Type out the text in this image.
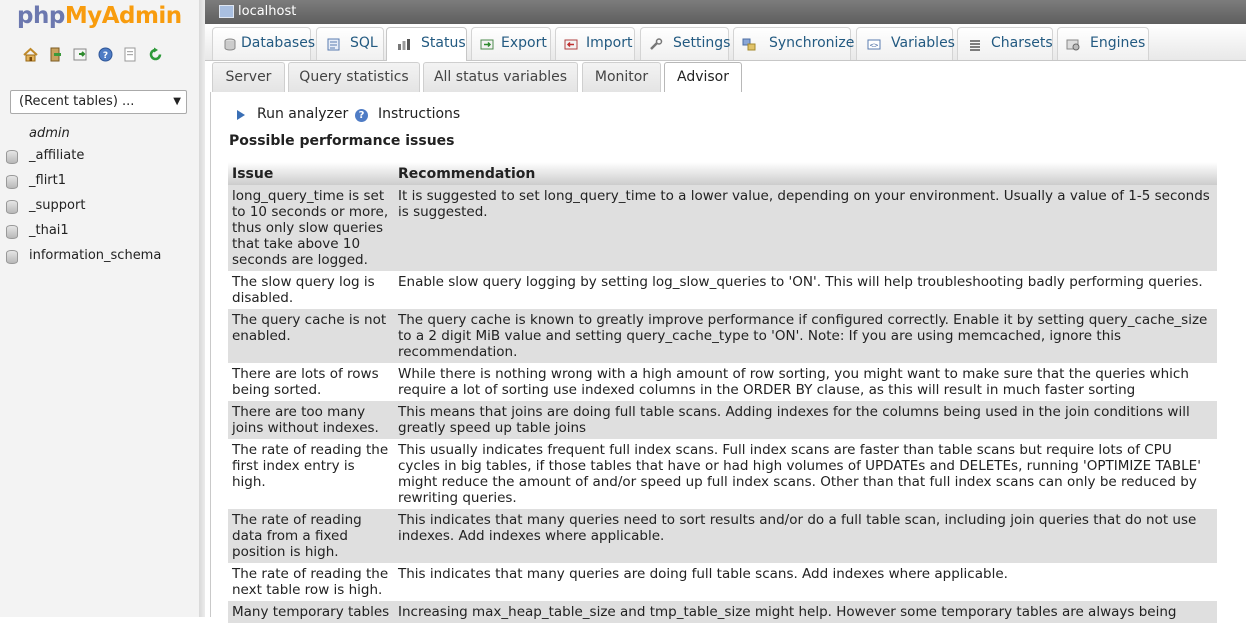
phpMyAdmin
?
(Recent tables) ...	▼
admin
_affiliate
_flirt1
_support
_thai1
information_schema
localhost
Databases SQL	Status	Export	Import	Settings	Synchronize <> Variables	Charsets	Engines
Server	Query statistics	All status variables	Monitor	Advisor
Run analyzer	? Instructions
Possible performance issues
Issue	Recommendation
long_query_time is set to 10 seconds or more, thus only slow queries that take above 10 seconds are logged.	It is suggested to set long_query_time to a lower value, depending on your environment. Usually a value of 1-5 seconds is suggested.
The slow query log is disabled.	Enable slow query logging by setting log_slow_queries to 'ON'. This will help troubleshooting badly performing queries.
The query cache is not enabled.	The query cache is known to greatly improve performance if configured correctly. Enable it by setting query_cache_size to a 2 digit MiB value and setting query_cache_type to 'ON'. Note: If you are using memcached, ignore this recommendation.
There are lots of rows being sorted.	While there is nothing wrong with a high amount of row sorting, you might want to make sure that the queries which require a lot of sorting use indexed columns in the ORDER BY clause, as this will result in much faster sorting
There are too many joins without indexes.	This means that joins are doing full table scans. Adding indexes for the columns being used in the join conditions will greatly speed up table joins
The rate of reading the first index entry is high.	This usually indicates frequent full index scans. Full index scans are faster than table scans but require lots of CPU cycles in big tables, if those tables that have or had high volumes of UPDATEs and DELETEs, running 'OPTIMIZE TABLE' might reduce the amount of and/or speed up full index scans. Other than that full index scans can only be reduced by rewriting queries.
The rate of reading data from a fixed position is high.	This indicates that many queries need to sort results and/or do a full table scan, including join queries that do not use indexes. Add indexes where applicable.
The rate of reading the next table row is high.	This indicates that many queries are doing full table scans. Add indexes where applicable.
Many temporary tables	Increasing max_heap_table_size and tmp_table_size might help. However some temporary tables are always being
